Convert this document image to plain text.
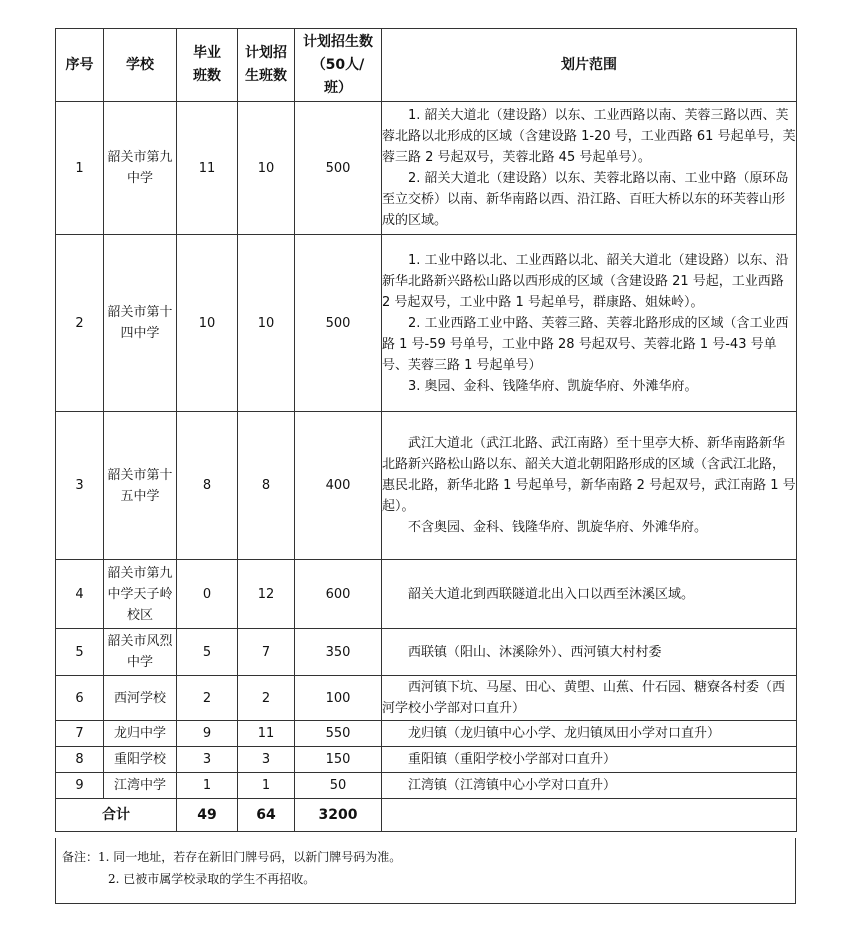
序号	学校	毕业班数	计划招生班数	计划招生数（50人/班）	划片范围
1	韶关市第九中学	11	10	500	1. 韶关大道北（建设路）以东、工业西路以南、芙蓉三路以西、芙蓉北路以北形成的区域（含建设路 1-20 号，工业西路 61 号起单号，芙蓉三路 2 号起双号，芙蓉北路 45 号起单号）。

2. 韶关大道北（建设路）以东、芙蓉北路以南、工业中路（原环岛至立交桥）以南、新华南路以西、沿江路、百旺大桥以东的环芙蓉山形成的区域。

2	韶关市第十四中学	10	10	500	1. 工业中路以北、工业西路以北、韶关大道北（建设路）以东、沿新华北路新兴路松山路以西形成的区域（含建设路 21 号起，工业西路 2 号起双号，工业中路 1 号起单号，群康路、姐妹岭）。

2. 工业西路工业中路、芙蓉三路、芙蓉北路形成的区域（含工业西路 1 号-59 号单号，工业中路 28 号起双号、芙蓉北路 1 号-43 号单号、芙蓉三路 1 号起单号）

3. 奥园、金科、钱隆华府、凯旋华府、外滩华府。

3	韶关市第十五中学	8	8	400	武江大道北（武江北路、武江南路）至十里亭大桥、新华南路新华北路新兴路松山路以东、韶关大道北朝阳路形成的区域（含武江北路，惠民北路，新华北路 1 号起单号，新华南路 2 号起双号，武江南路 1 号起）。

不含奥园、金科、钱隆华府、凯旋华府、外滩华府。

4	韶关市第九中学天子岭校区	0	12	600	韶关大道北到西联隧道北出入口以西至沐溪区域。

5	韶关市风烈中学	5	7	350	西联镇（阳山、沐溪除外）、西河镇大村村委

6	西河学校	2	2	100	西河镇下坑、马屋、田心、黄塱、山蕉、什石园、糖寮各村委（西河学校小学部对口直升）

7	龙归中学	9	11	550	龙归镇（龙归镇中心小学、龙归镇凤田小学对口直升）

8	重阳学校	3	3	150	重阳镇（重阳学校小学部对口直升）

9	江湾中学	1	1	50	江湾镇（江湾镇中心小学对口直升）

合计		49	64	3200	
备注：1. 同一地址，若存在新旧门牌号码，以新门牌号码为准。
2. 已被市属学校录取的学生不再招收。
